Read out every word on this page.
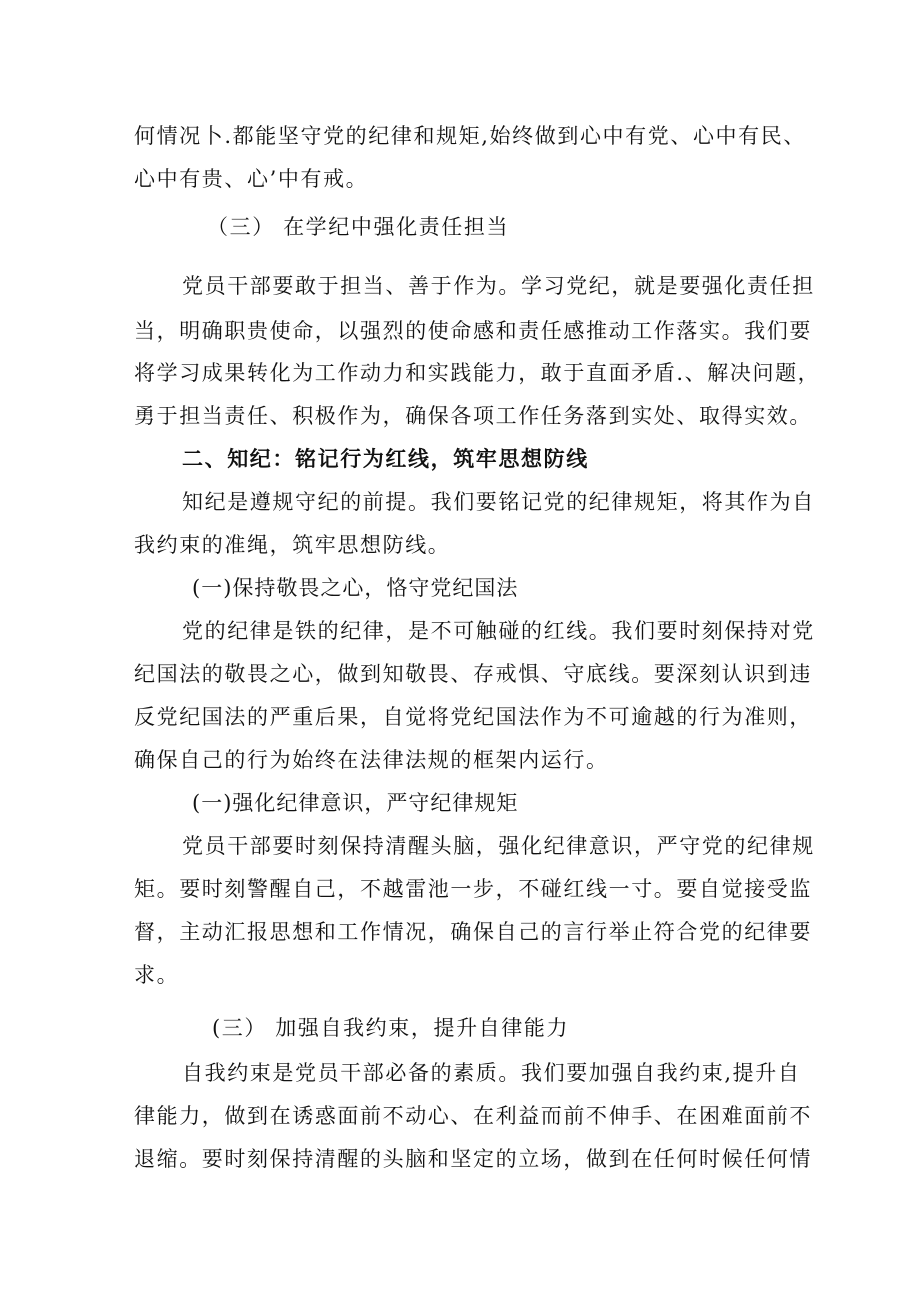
何情况卜.都能坚守党的纪律和规矩,始终做到心中有党、心中有民、
心中有贵、心’中有戒。
（三） 在学纪中强化责任担当
党员干部要敢于担当、善于作为。学习党纪，就是要强化责任担
当，明确职贵使命，以强烈的使命感和责任感推动工作落实。我们要
将学习成果转化为工作动力和实践能力，敢于直面矛盾.、解决问题，
勇于担当责任、积极作为，确保各项工作任务落到实处、取得实效。
二、知纪：铭记行为红线，筑牢思想防线
知纪是遵规守纪的前提。我们要铭记党的纪律规矩，将其作为自
我约束的准绳，筑牢思想防线。
(一)保持敬畏之心，恪守党纪国法
党的纪律是铁的纪律，是不可触碰的红线。我们要时刻保持对党
纪国法的敬畏之心，做到知敬畏、存戒惧、守底线。要深刻认识到违
反党纪国法的严重后果，自觉将党纪国法作为不可逾越的行为准则，
确保自己的行为始终在法律法规的框架内运行。
(一)强化纪律意识，严守纪律规矩
党员干部要时刻保持清醒头脑，强化纪律意识，严守党的纪律规
矩。要时刻警醒自己，不越雷池一步，不碰红线一寸。要自觉接受监
督，主动汇报思想和工作情况，确保自己的言行举止符合党的纪律要
求。
(三） 加强自我约束，提升自律能力
自我约束是党员干部必备的素质。我们要加强自我约束,提升自
律能力，做到在诱惑面前不动心、在利益而前不伸手、在困难面前不
退缩。要时刻保持清醒的头脑和坚定的立场，做到在任何时候任何情
